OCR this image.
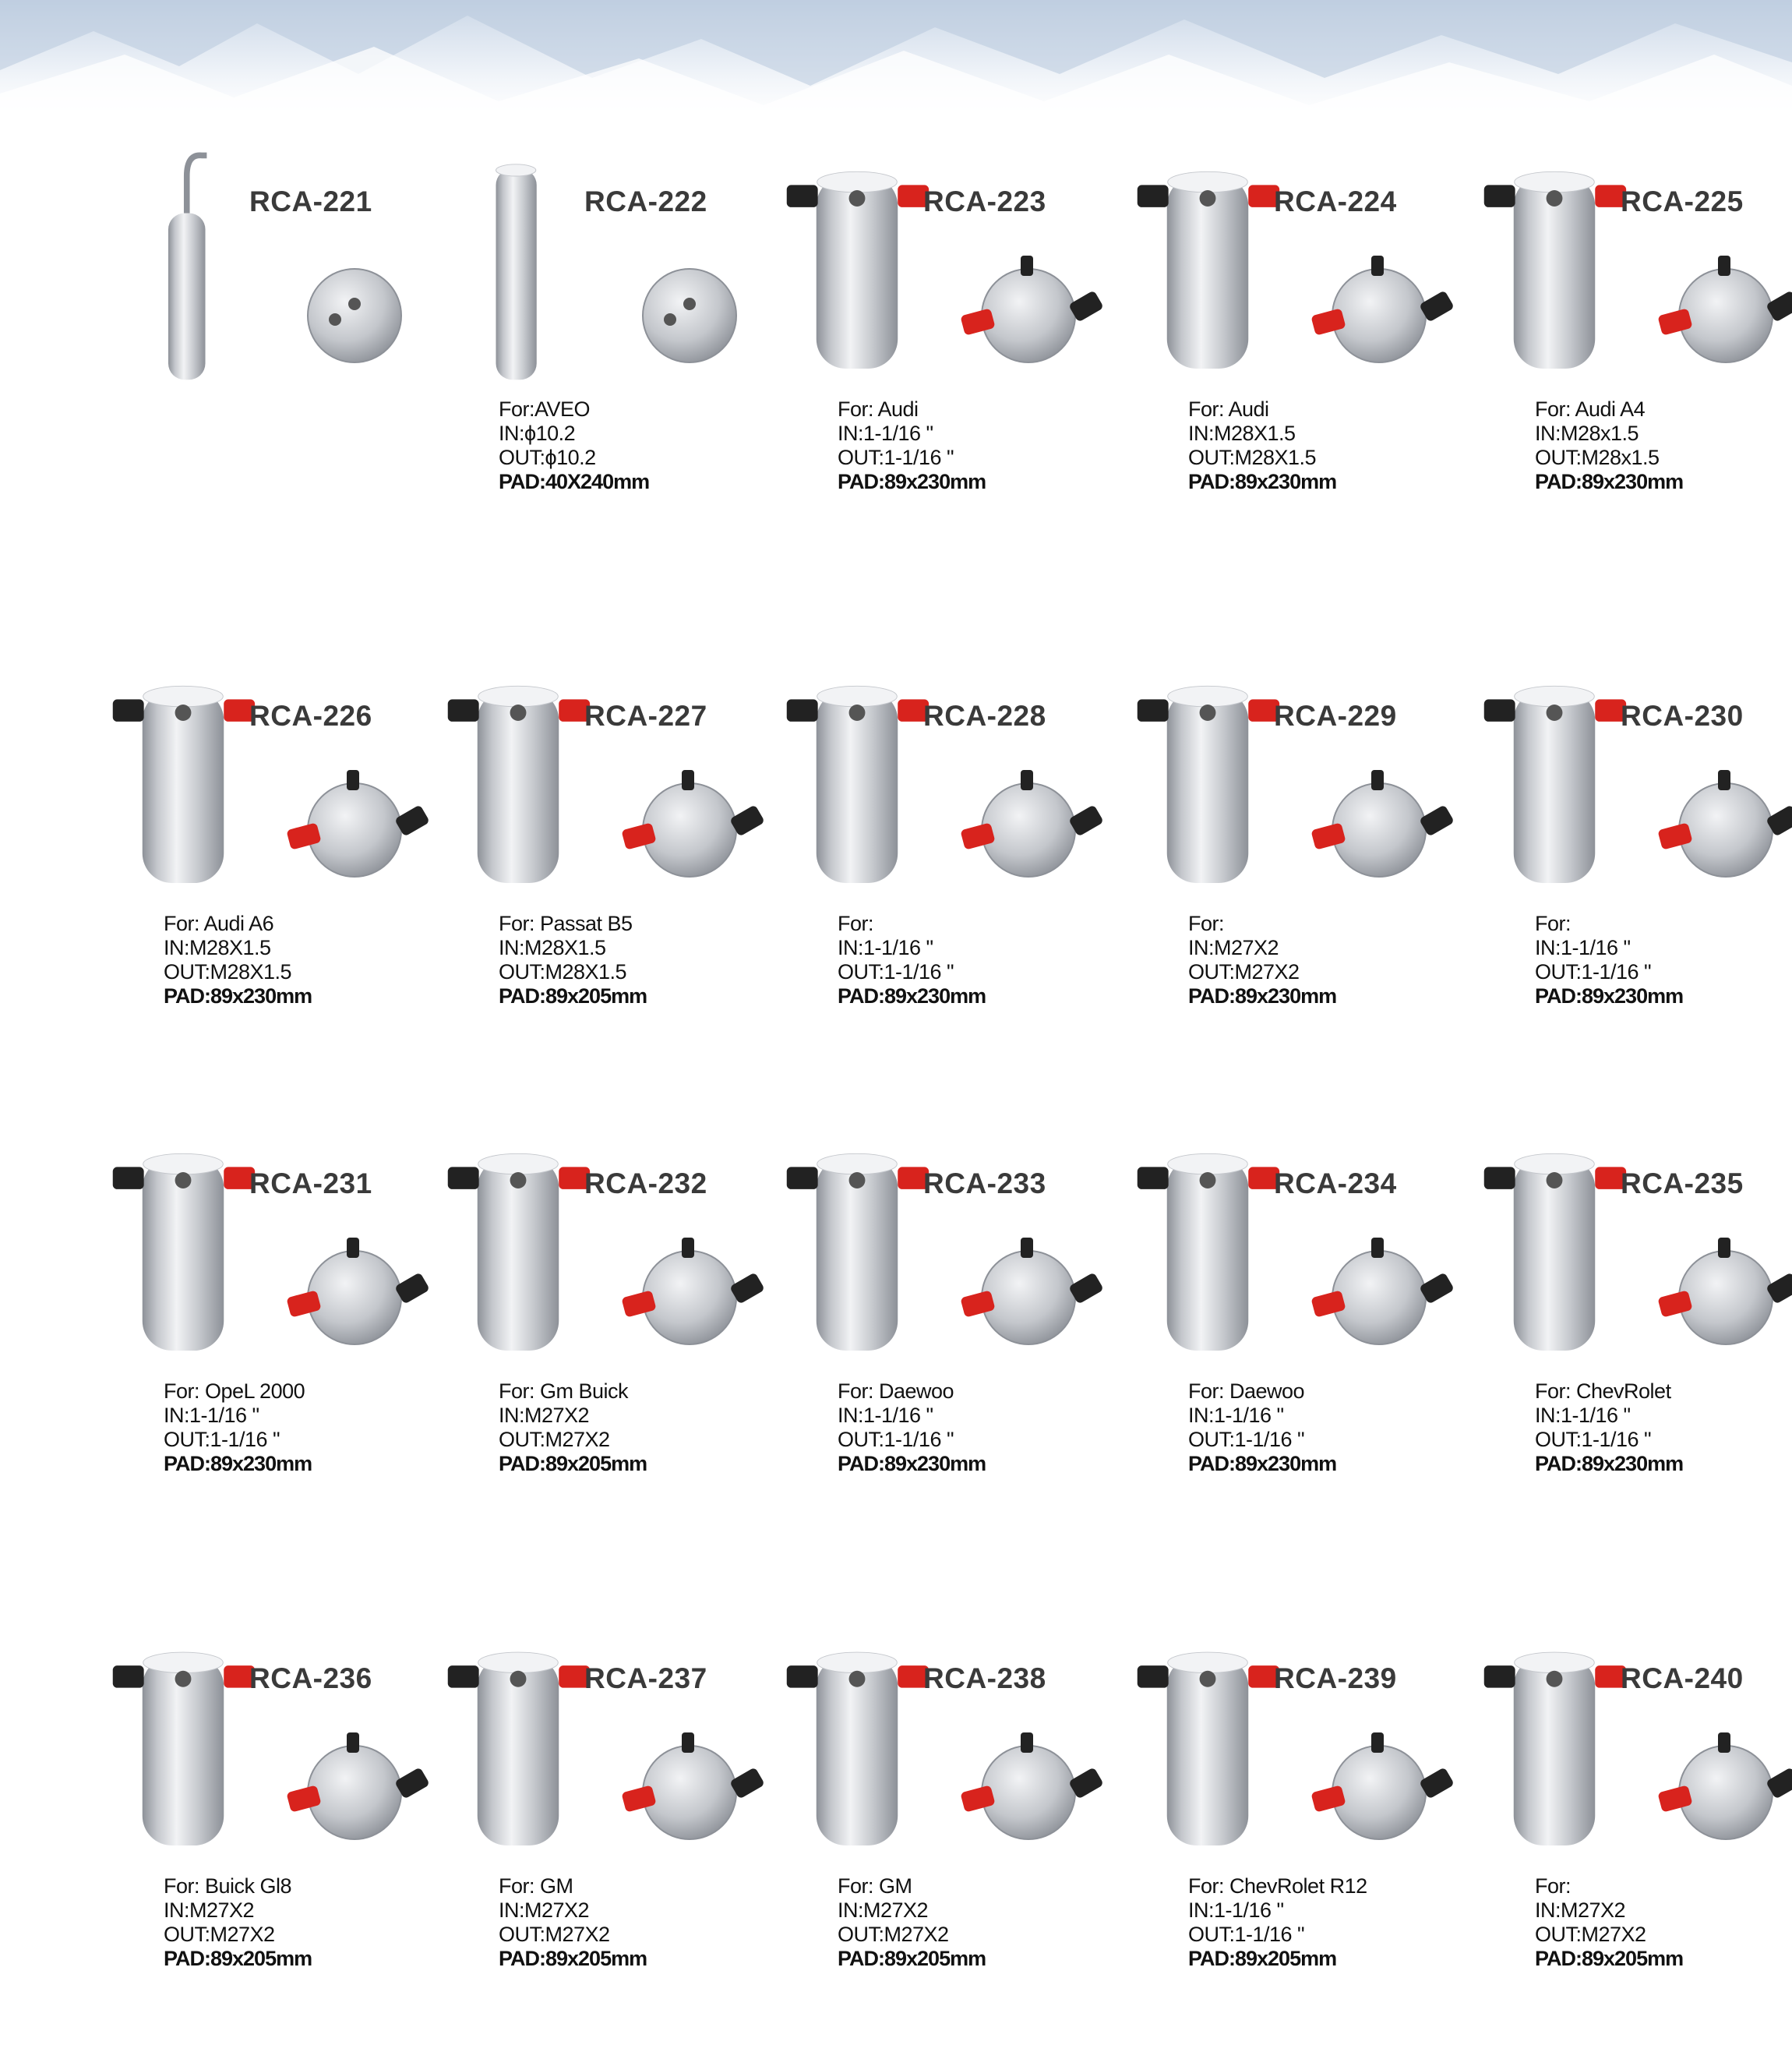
RCA-221	RCA-222
For:AVEO
IN:ϕ10.2
OUT:ϕ10.2
PAD:40X240mm
RCA-223
For: Audi
IN:1-1/16 "
OUT:1-1/16 "
PAD:89x230mm
RCA-224
For: Audi
IN:M28X1.5
OUT:M28X1.5
PAD:89x230mm
RCA-225
For: Audi A4
IN:M28x1.5
OUT:M28x1.5
PAD:89x230mm
RCA-226
For: Audi A6
IN:M28X1.5
OUT:M28X1.5
PAD:89x230mm
RCA-227
For: Passat B5
IN:M28X1.5
OUT:M28X1.5
PAD:89x205mm
RCA-228
For:
IN:1-1/16 "
OUT:1-1/16 "
PAD:89x230mm
RCA-229
For:
IN:M27X2
OUT:M27X2
PAD:89x230mm
RCA-230
For:
IN:1-1/16 "
OUT:1-1/16 "
PAD:89x230mm
RCA-231
For: OpeL 2000
IN:1-1/16 "
OUT:1-1/16 "
PAD:89x230mm
RCA-232
For: Gm Buick
IN:M27X2
OUT:M27X2
PAD:89x205mm
RCA-233
For: Daewoo
IN:1-1/16 "
OUT:1-1/16 "
PAD:89x230mm
RCA-234
For: Daewoo
IN:1-1/16 "
OUT:1-1/16 "
PAD:89x230mm
RCA-235
For: ChevRolet
IN:1-1/16 "
OUT:1-1/16 "
PAD:89x230mm
RCA-236
For: Buick Gl8
IN:M27X2
OUT:M27X2
PAD:89x205mm
RCA-237
For: GM
IN:M27X2
OUT:M27X2
PAD:89x205mm
RCA-238
For: GM
IN:M27X2
OUT:M27X2
PAD:89x205mm
RCA-239
For: ChevRolet R12
IN:1-1/16 "
OUT:1-1/16 "
PAD:89x205mm
RCA-240
For:
IN:M27X2
OUT:M27X2
PAD:89x205mm
